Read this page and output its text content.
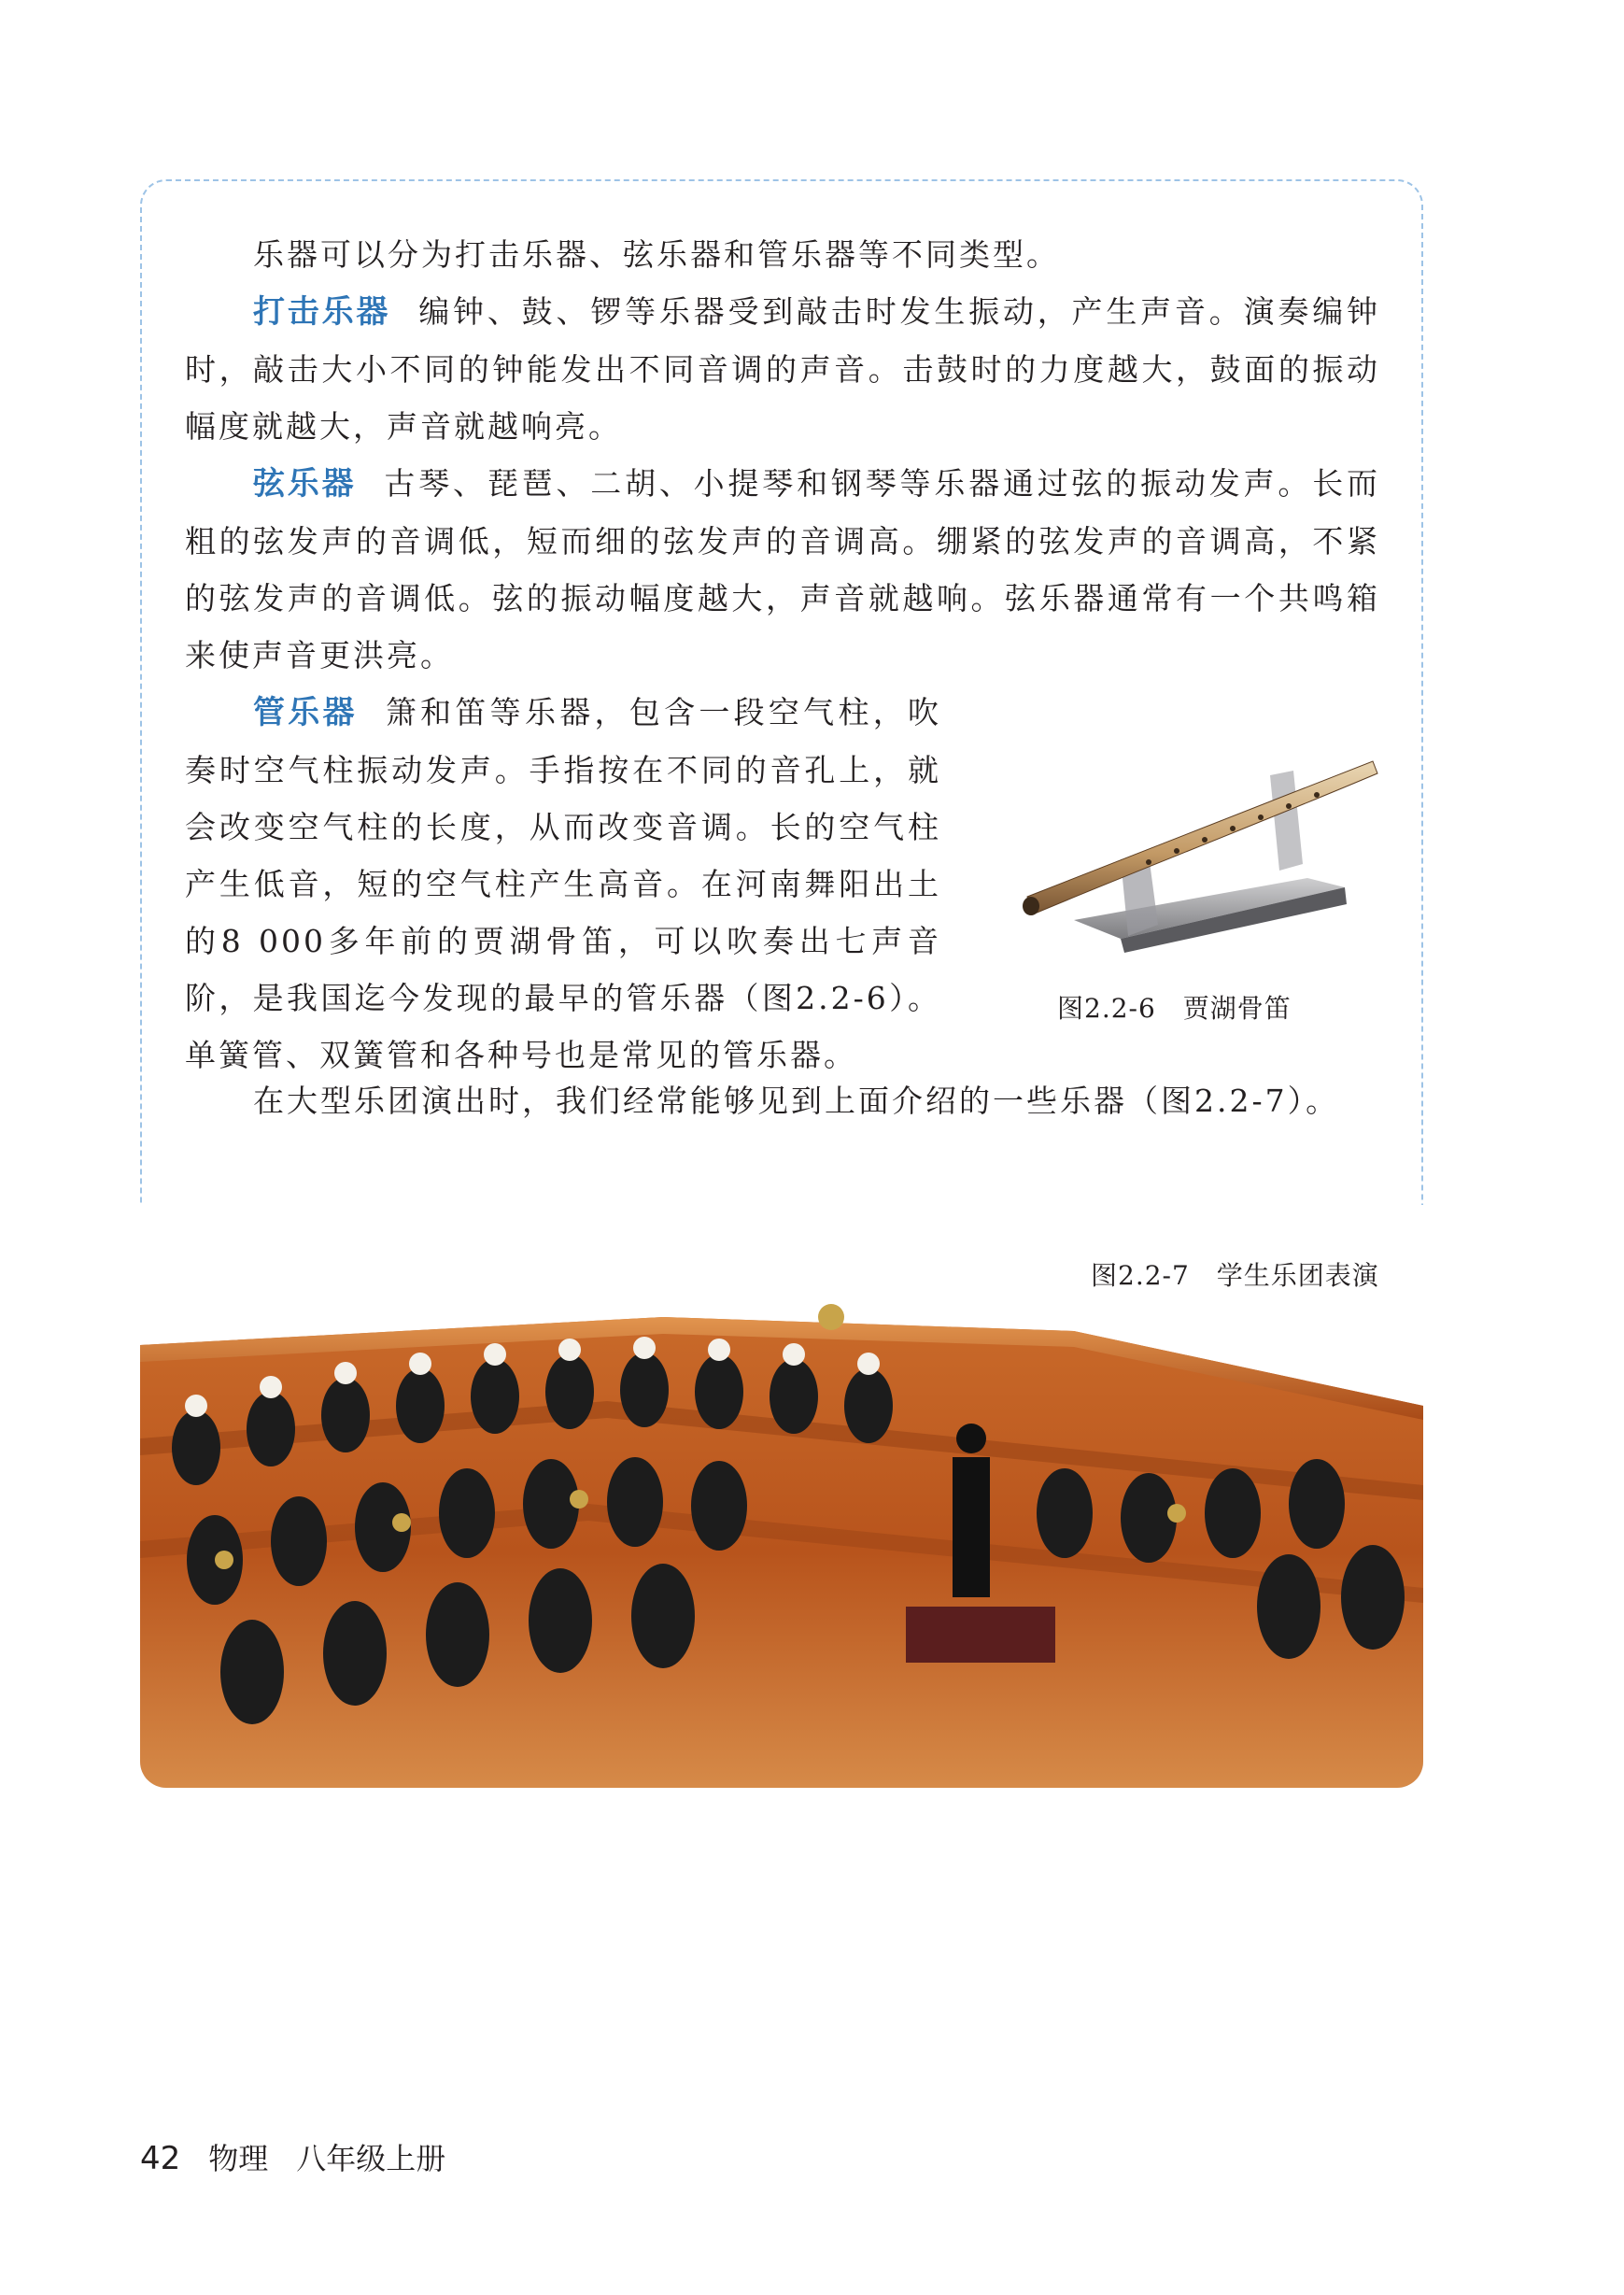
乐器可以分为打击乐器、弦乐器和管乐器等不同类型。

打击乐器 编钟、鼓、锣等乐器受到敲击时发生振动，产生声音。演奏编钟时，敲击大小不同的钟能发出不同音调的声音。击鼓时的力度越大，鼓面的振动幅度就越大，声音就越响亮。

弦乐器 古琴、琵琶、二胡、小提琴和钢琴等乐器通过弦的振动发声。长而粗的弦发声的音调低，短而细的弦发声的音调高。绷紧的弦发声的音调高，不紧的弦发声的音调低。弦的振动幅度越大，声音就越响。弦乐器通常有一个共鸣箱来使声音更洪亮。

管乐器 箫和笛等乐器，包含一段空气柱，吹奏时空气柱振动发声。手指按在不同的音孔上，就会改变空气柱的长度，从而改变音调。长的空气柱产生低音，短的空气柱产生高音。在河南舞阳出土的8 000多年前的贾湖骨笛，可以吹奏出七声音阶，是我国迄今发现的最早的管乐器（图2.2-6）。单簧管、双簧管和各种号也是常见的管乐器。

图2.2-6　贾湖骨笛

在大型乐团演出时，我们经常能够见到上面介绍的一些乐器（图2.2-7）。

图2.2-7　学生乐团表演
42 物理 八年级上册
